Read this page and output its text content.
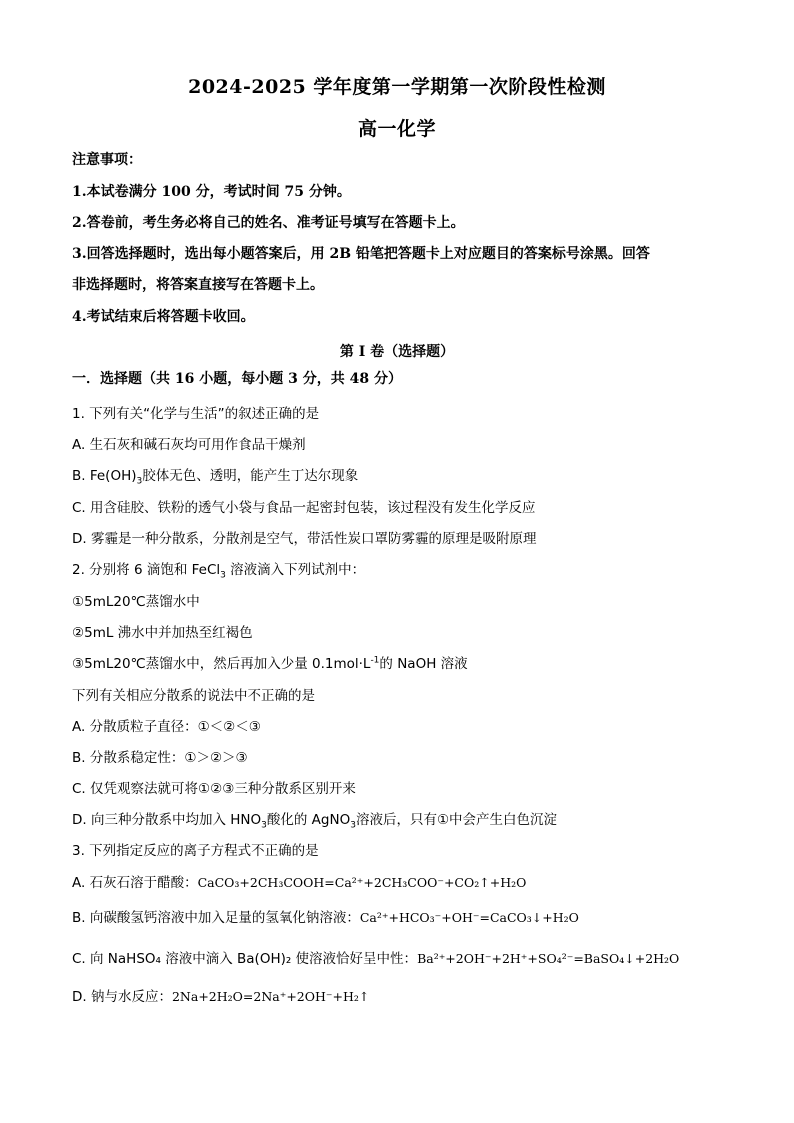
2024-2025 学年度第一学期第一次阶段性检测
高一化学
注意事项：
1.本试卷满分 100 分，考试时间 75 分钟。
2.答卷前，考生务必将自己的姓名、准考证号填写在答题卡上。
3.回答选择题时，选出每小题答案后，用 2B 铅笔把答题卡上对应题目的答案标号涂黑。回答
非选择题时，将答案直接写在答题卡上。
4.考试结束后将答题卡收回。
第 I 卷（选择题）
一．选择题（共 16 小题，每小题 3 分，共 48 分）
1. 下列有关“化学与生活”的叙述正确的是
A. 生石灰和碱石灰均可用作食品干燥剂
B. $Fe(OH)_3$胶体无色、透明，能产生丁达尔现象
C. 用含硅胶、铁粉的透气小袋与食品一起密封包装，该过程没有发生化学反应
D. 雾霾是一种分散系，分散剂是空气，带活性炭口罩防雾霾的原理是吸附原理
2. 分别将 6 滴饱和 FeCl$_3$ 溶液滴入下列试剂中：
①5mL20℃蒸馏水中
②5mL 沸水中并加热至红褐色
③5mL20℃蒸馏水中，然后再加入少量 $0.1mol\cdot L^{-1}$的 NaOH 溶液
下列有关相应分散系的说法中不正确的是
A. 分散质粒子直径：①＜②＜③
B. 分散系稳定性：①＞②＞③
C. 仅凭观察法就可将①②③三种分散系区别开来
D. 向三种分散系中均加入 $HNO_3$酸化的 AgNO$_3$溶液后，只有①中会产生白色沉淀
3. 下列指定反应的离子方程式不正确的是
A. 石灰石溶于醋酸：CaCO₃+2CH₃COOH=Ca²⁺+2CH₃COO⁻+CO₂↑+H₂O
B. 向碳酸氢钙溶液中加入足量的氢氧化钠溶液：Ca²⁺+HCO₃⁻+OH⁻=CaCO₃↓+H₂O
C. 向 NaHSO₄ 溶液中滴入 Ba(OH)₂ 使溶液恰好呈中性：Ba²⁺+2OH⁻+2H⁺+SO₄²⁻=BaSO₄↓+2H₂O
D. 钠与水反应：2Na+2H₂O=2Na⁺+2OH⁻+H₂↑
